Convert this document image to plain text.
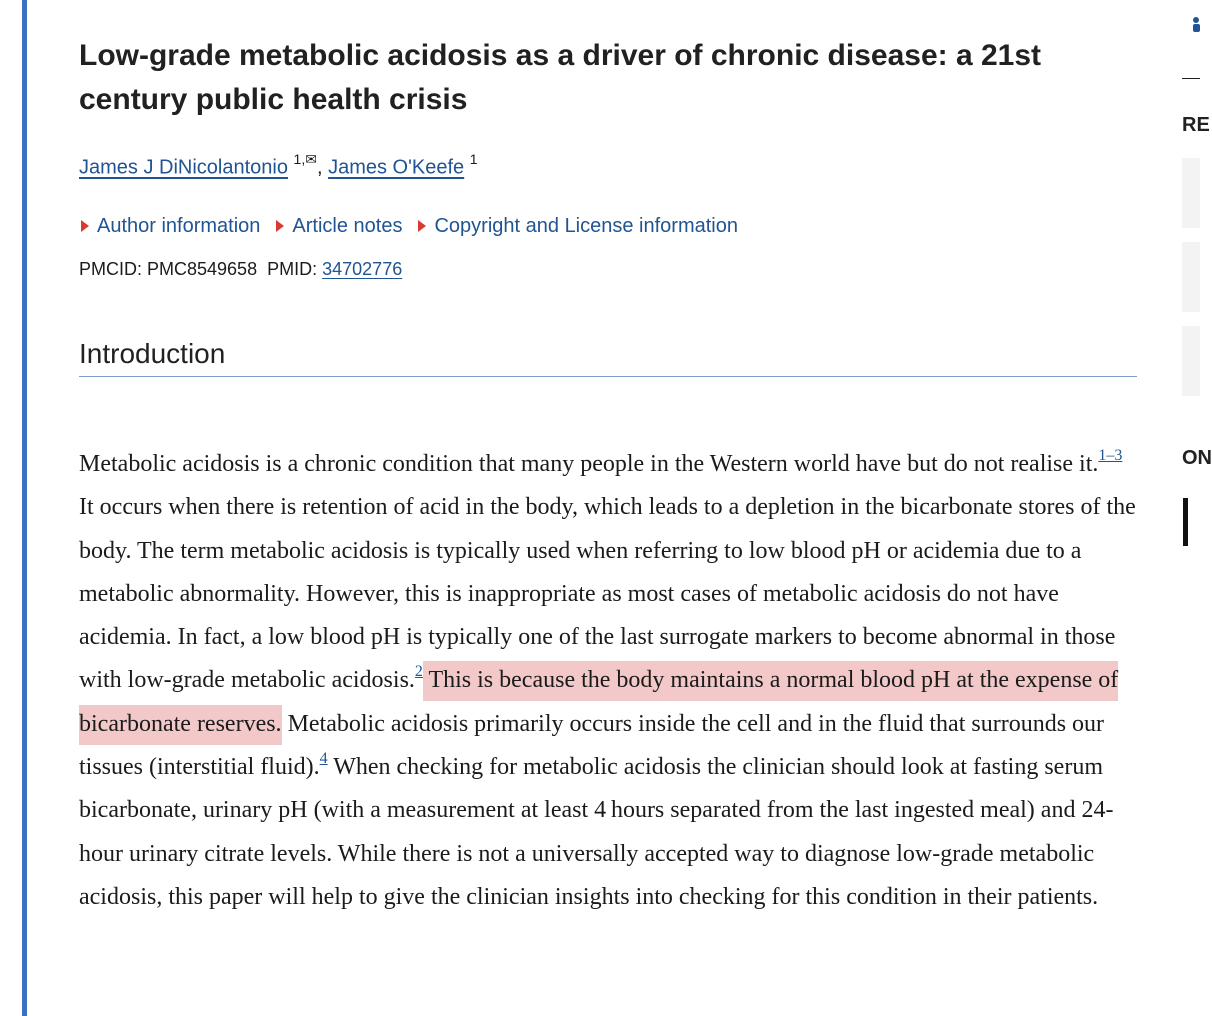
Low-grade metabolic acidosis as a driver of chronic disease: a 21st century public health crisis
James J DiNicolantonio $^{1,✉}$, James O'Keefe $^1$
Author information Article notes Copyright and License information
PMCID: PMC8549658 PMID: 34702776
Introduction

Metabolic acidosis is a chronic condition that many people in the Western world have but do not realise it.$^{1-3}$ It occurs when there is retention of acid in the body, which leads to a depletion in the bicarbonate stores of the body. The term metabolic acidosis is typically used when referring to low blood pH or acidemia due to a metabolic abnormality. However, this is inappropriate as most cases of metabolic acidosis do not have acidemia. In fact, a low blood pH is typically one of the last surrogate markers to become abnormal in those with low-grade metabolic acidosis.$^2$ This is because the body maintains a normal blood pH at the expense of bicarbonate reserves. Metabolic acidosis primarily occurs inside the cell and in the fluid that surrounds our tissues (interstitial fluid).$^4$ When checking for metabolic acidosis the clinician should look at fasting serum bicarbonate, urinary pH (with a measurement at least 4 hours separated from the last ingested meal) and 24-hour urinary citrate levels. While there is not a universally accepted way to diagnose low-grade metabolic acidosis, this paper will help to give the clinician insights into checking for this condition in their patients.

RE
ON
